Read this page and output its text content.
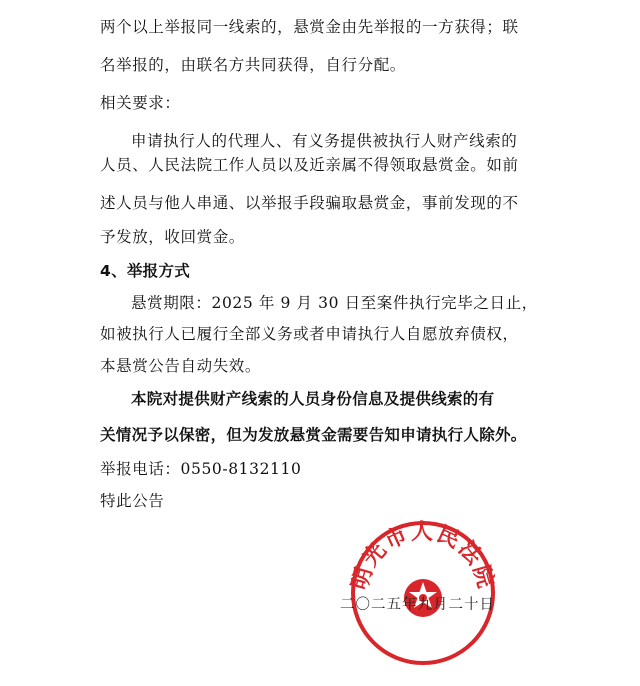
两个以上举报同一线索的，悬赏金由先举报的一方获得；联
名举报的，由联名方共同获得，自行分配。
相关要求：
申请执行人的代理人、有义务提供被执行人财产线索的
人员、人民法院工作人员以及近亲属不得领取悬赏金。如前
述人员与他人串通、以举报手段骗取悬赏金，事前发现的不
予发放，收回赏金。
4、举报方式
悬赏期限：2025 年 9 月 30 日至案件执行完毕之日止，
如被执行人已履行全部义务或者申请执行人自愿放弃债权，
本悬赏公告自动失效。
本院对提供财产线索的人员身份信息及提供线索的有
关情况予以保密，但为发放悬赏金需要告知申请执行人除外。
举报电话：0550-8132110
特此公告
明光市人民法院
二〇二五年九月二十日
